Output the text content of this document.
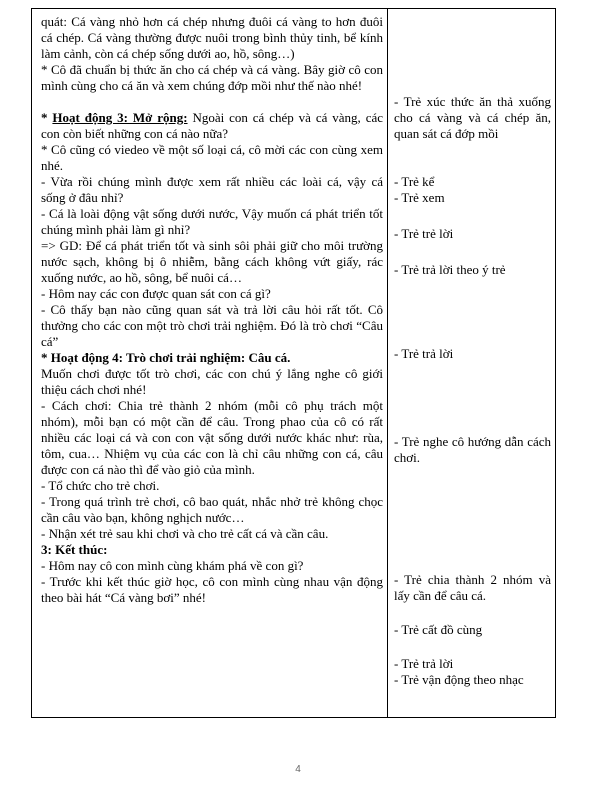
quát: Cá vàng nhỏ hơn cá chép nhưng đuôi cá vàng to hơn đuôi cá chép. Cá vàng thường được nuôi trong bình thủy tinh, bể kính làm cảnh, còn cá chép sống dưới ao, hồ, sông…)

* Cô đã chuẩn bị thức ăn cho cá chép và cá vàng. Bây giờ cô con mình cùng cho cá ăn và xem chúng đớp mồi như thế nào nhé!

* Hoạt động 3: Mở rộng: Ngoài con cá chép và cá vàng, các con còn biết những con cá nào nữa?

* Cô cũng có viedeo về một số loại cá, cô mời các con cùng xem nhé.

- Vừa rồi chúng mình được xem rất nhiều các loài cá, vậy cá sống ở đâu nhỉ?

- Cá là loài động vật sống dưới nước, Vậy muốn cá phát triển tốt chúng mình phải làm gì nhỉ?

=> GD: Để cá phát triển tốt và sinh sôi phải giữ cho môi trường nước sạch, không bị ô nhiễm, bằng cách không vứt giấy, rác xuống nước, ao hồ, sông, bể nuôi cá…

- Hôm nay các con được quan sát con cá gì?

- Cô thấy bạn nào cũng quan sát và trả lời câu hỏi rất tốt. Cô thưởng cho các con một trò chơi trải nghiệm. Đó là trò chơi “Câu cá”

* Hoạt động 4: Trò chơi trải nghiệm: Câu cá.

Muốn chơi được tốt trò chơi, các con chú ý lắng nghe cô giới thiệu cách chơi nhé!

- Cách chơi: Chia trẻ thành 2 nhóm (mỗi cô phụ trách một nhóm), mỗi bạn có một cần để câu. Trong phao của cô có rất nhiều các loại cá và con con vật sống dưới nước khác như: rùa, tôm, cua… Nhiệm vụ của các con là chỉ câu những con cá, câu được con cá nào thì để vào giỏ của mình.

- Tổ chức cho trẻ chơi.

- Trong quá trình trẻ chơi, cô bao quát, nhắc nhở trẻ không chọc cần câu vào bạn, không nghịch nước…

- Nhận xét trẻ sau khi chơi và cho trẻ cất cá và cần câu.

3: Kết thúc:

- Hôm nay cô con mình cùng khám phá về con gì?

- Trước khi kết thúc giờ học, cô con mình cùng nhau vận động theo bài hát “Cá vàng bơi” nhé!

- Trẻ xúc thức ăn thả xuống cho cá vàng và cá chép ăn, quan sát cá đớp mồi

- Trẻ kể

- Trẻ xem

- Trẻ trẻ lời

- Trẻ trả lời theo ý trẻ

- Trẻ trả lời

- Trẻ nghe cô hướng dẫn cách chơi.

- Trẻ chia thành 2 nhóm và lấy cần để câu cá.

- Trẻ cất đồ cùng

- Trẻ trả lời

- Trẻ vận động theo nhạc

4
